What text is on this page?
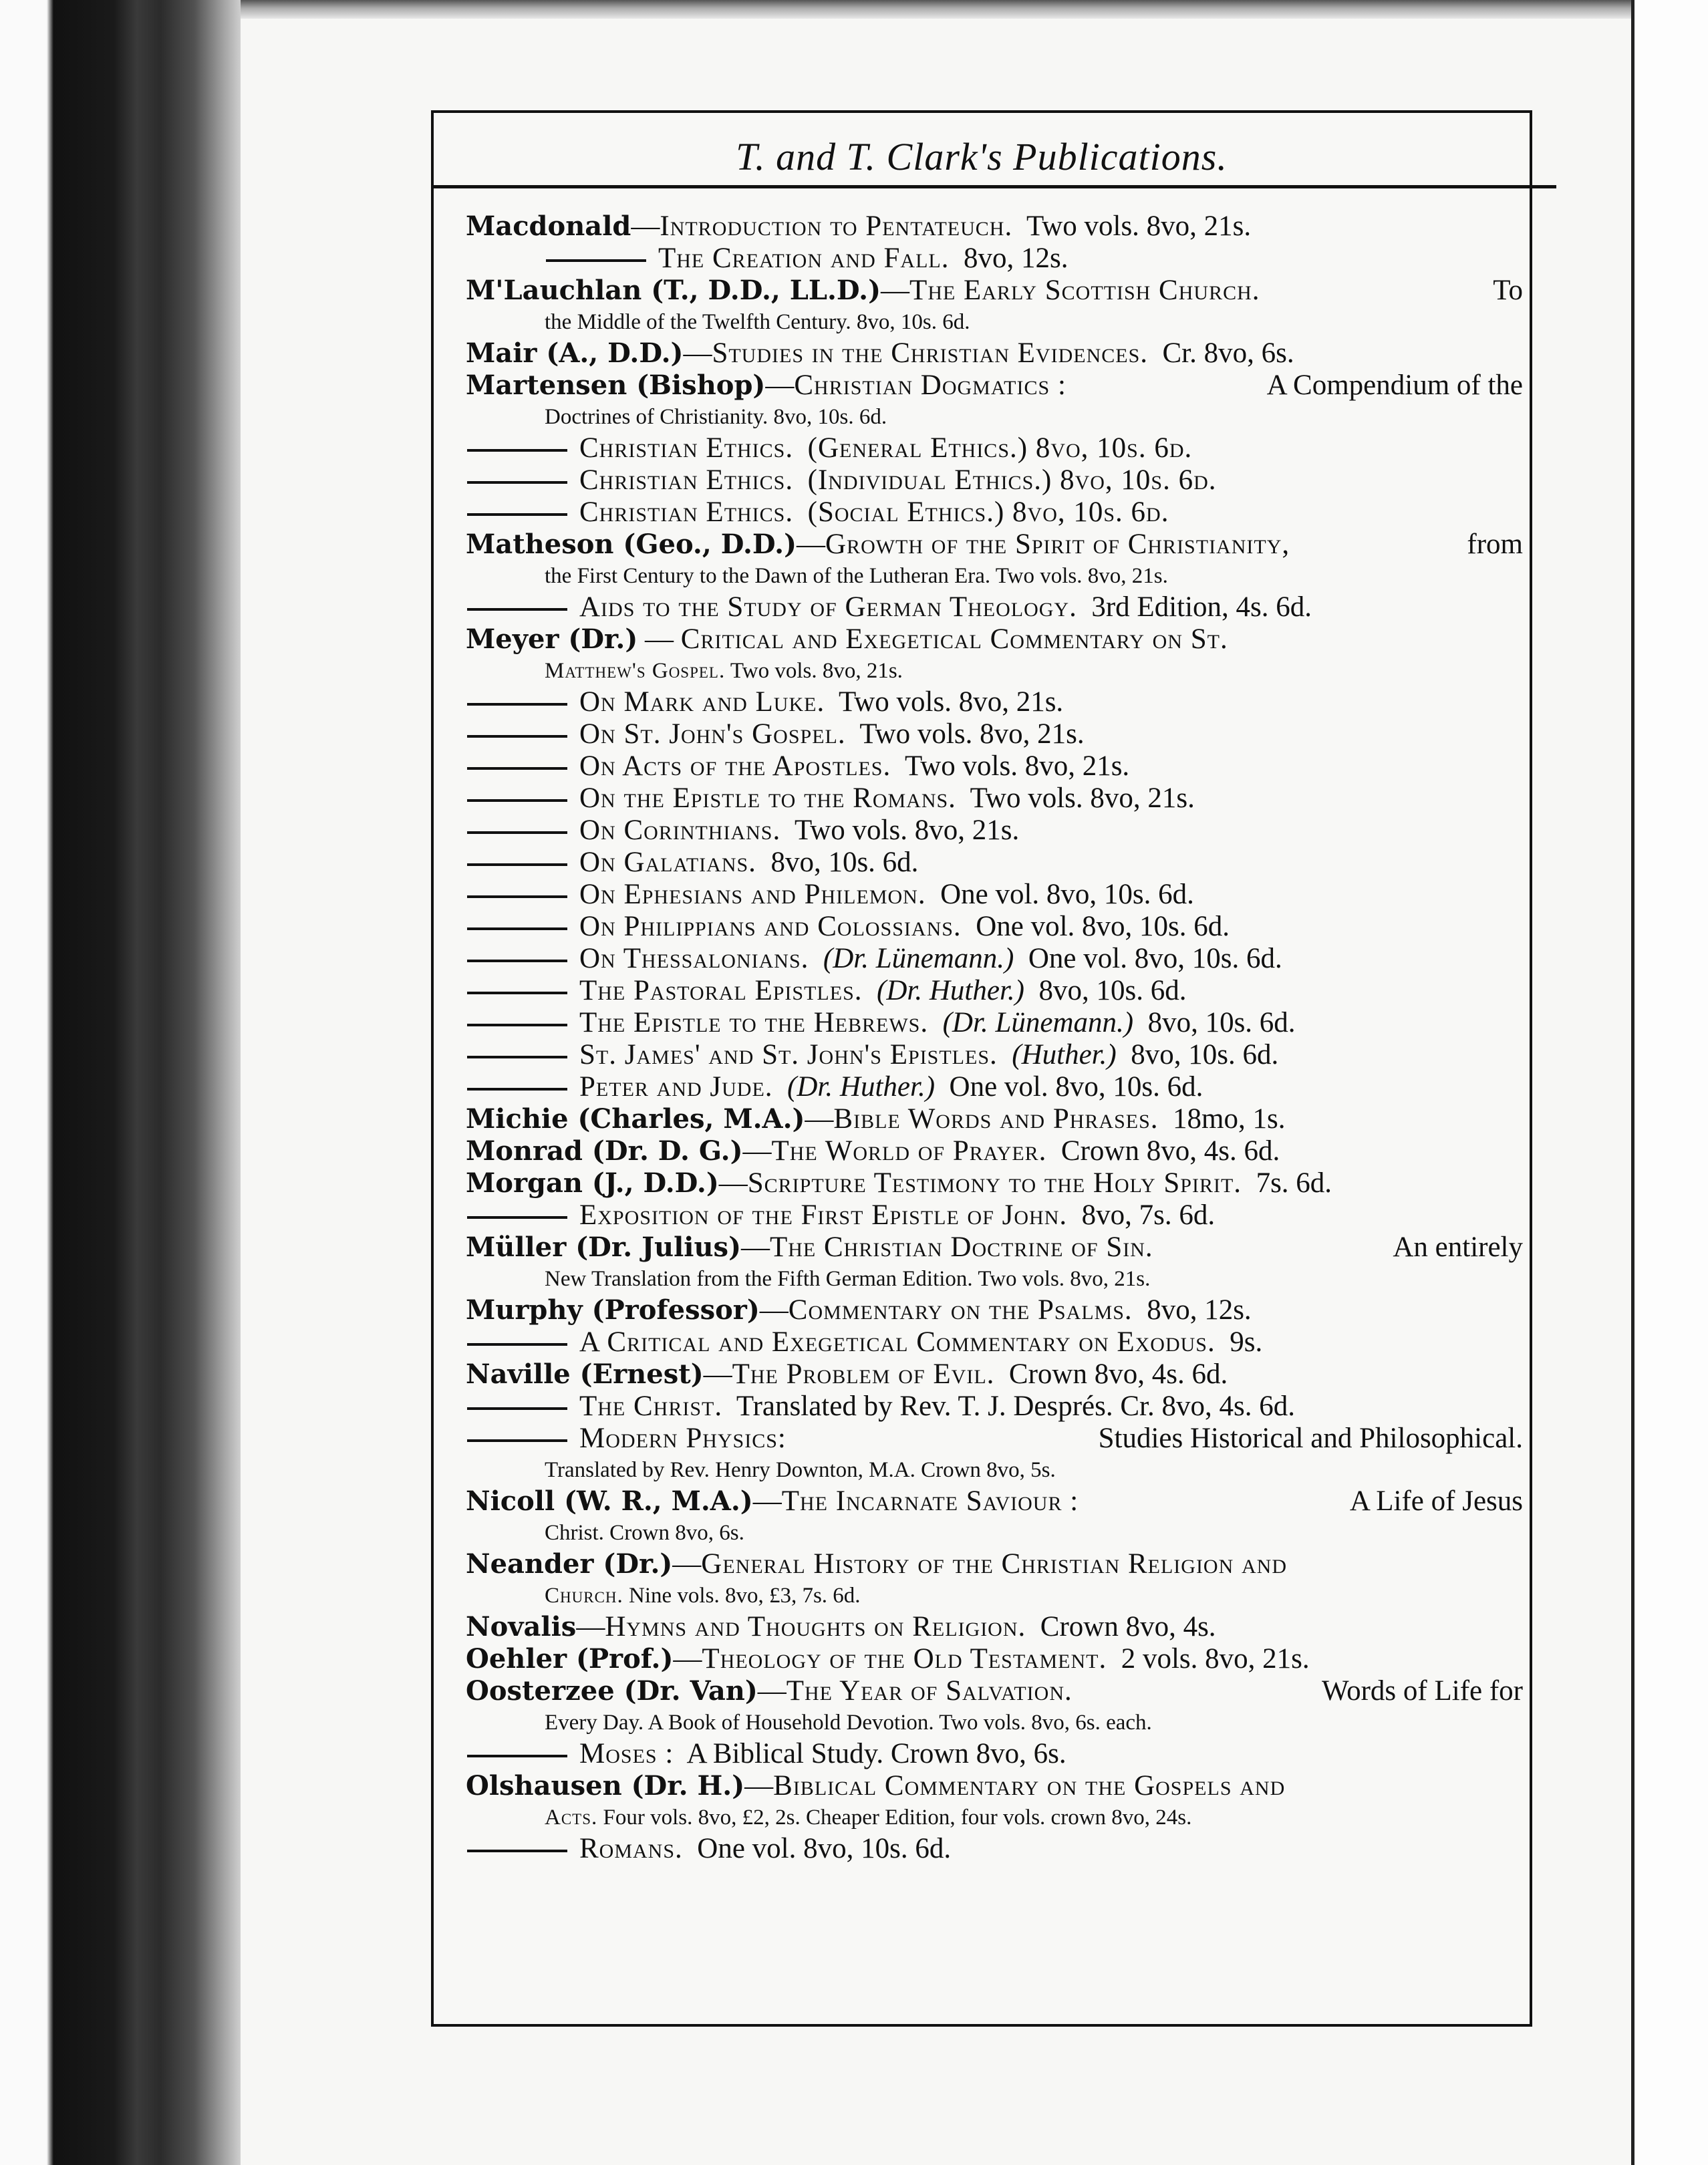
T. and T. Clark's Publications.

Macdonald—Introduction to Pentateuch. Two vols. 8vo, 21s.

The Creation and Fall. 8vo, 12s.

M'Lauchlan (T., D.D., LL.D.)—The Early Scottish Church.	To

the Middle of the Twelfth Century. 8vo, 10s. 6d.

Mair (A., D.D.)—Studies in the Christian Evidences. Cr. 8vo, 6s.

Martensen (Bishop)—Christian Dogmatics :	A Compendium of the

Doctrines of Christianity. 8vo, 10s. 6d.

Christian Ethics. (General Ethics.) 8vo, 10s. 6d.

Christian Ethics. (Individual Ethics.) 8vo, 10s. 6d.

Christian Ethics. (Social Ethics.) 8vo, 10s. 6d.

Matheson (Geo., D.D.)—Growth of the Spirit of Christianity,	from

the First Century to the Dawn of the Lutheran Era. Two vols. 8vo, 21s.

Aids to the Study of German Theology. 3rd Edition, 4s. 6d.

Meyer (Dr.) — Critical and Exegetical Commentary on St.

Matthew's Gospel. Two vols. 8vo, 21s.

On Mark and Luke. Two vols. 8vo, 21s.

On St. John's Gospel. Two vols. 8vo, 21s.

On Acts of the Apostles. Two vols. 8vo, 21s.

On the Epistle to the Romans. Two vols. 8vo, 21s.

On Corinthians. Two vols. 8vo, 21s.

On Galatians. 8vo, 10s. 6d.

On Ephesians and Philemon. One vol. 8vo, 10s. 6d.

On Philippians and Colossians. One vol. 8vo, 10s. 6d.

On Thessalonians. (Dr. Lünemann.) One vol. 8vo, 10s. 6d.

The Pastoral Epistles. (Dr. Huther.) 8vo, 10s. 6d.

The Epistle to the Hebrews. (Dr. Lünemann.) 8vo, 10s. 6d.

St. James' and St. John's Epistles. (Huther.) 8vo, 10s. 6d.

Peter and Jude. (Dr. Huther.) One vol. 8vo, 10s. 6d.

Michie (Charles, M.A.)—Bible Words and Phrases. 18mo, 1s.

Monrad (Dr. D. G.)—The World of Prayer. Crown 8vo, 4s. 6d.

Morgan (J., D.D.)—Scripture Testimony to the Holy Spirit. 7s. 6d.

Exposition of the First Epistle of John. 8vo, 7s. 6d.

Müller (Dr. Julius)—The Christian Doctrine of Sin.	An entirely

New Translation from the Fifth German Edition. Two vols. 8vo, 21s.

Murphy (Professor)—Commentary on the Psalms. 8vo, 12s.

A Critical and Exegetical Commentary on Exodus. 9s.

Naville (Ernest)—The Problem of Evil. Crown 8vo, 4s. 6d.

The Christ. Translated by Rev. T. J. Després. Cr. 8vo, 4s. 6d.

Modern Physics:	Studies Historical and Philosophical.

Translated by Rev. Henry Downton, M.A. Crown 8vo, 5s.

Nicoll (W. R., M.A.)—The Incarnate Saviour :	A Life of Jesus

Christ. Crown 8vo, 6s.

Neander (Dr.)—General History of the Christian Religion and

Church. Nine vols. 8vo, £3, 7s. 6d.

Novalis—Hymns and Thoughts on Religion. Crown 8vo, 4s.

Oehler (Prof.)—Theology of the Old Testament. 2 vols. 8vo, 21s.

Oosterzee (Dr. Van)—The Year of Salvation.	Words of Life for

Every Day. A Book of Household Devotion. Two vols. 8vo, 6s. each.

Moses : A Biblical Study. Crown 8vo, 6s.

Olshausen (Dr. H.)—Biblical Commentary on the Gospels and

Acts. Four vols. 8vo, £2, 2s. Cheaper Edition, four vols. crown 8vo, 24s.

Romans. One vol. 8vo, 10s. 6d.
